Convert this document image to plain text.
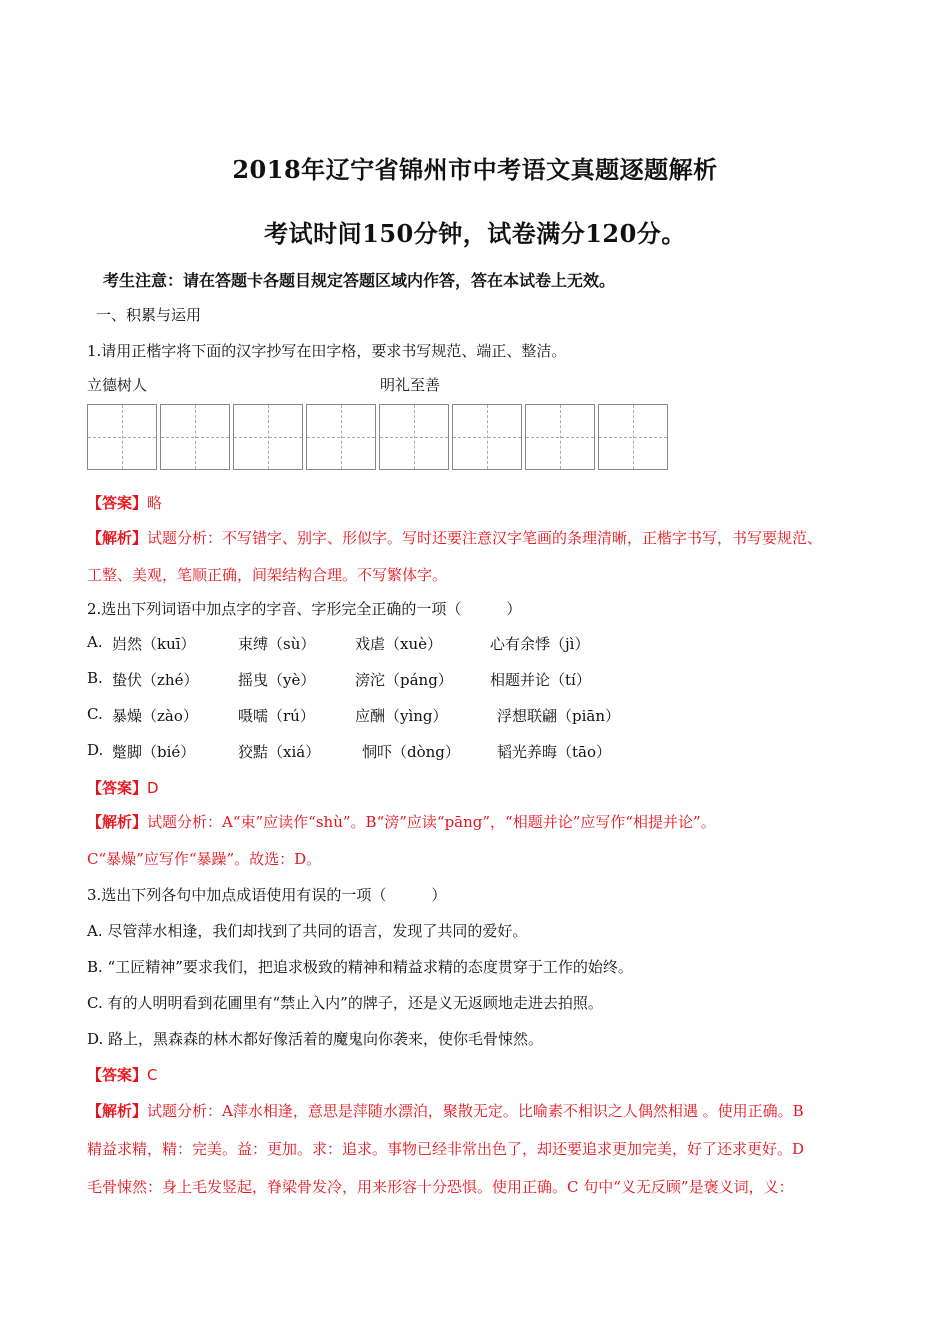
2018年辽宁省锦州市中考语文真题逐题解析
考试时间150分钟，试卷满分120分。
考生注意：请在答题卡各题目规定答题区域内作答，答在本试卷上无效。
一、积累与运用
1.请用正楷字将下面的汉字抄写在田字格，要求书写规范、端正、整洁。
立德树人	明礼至善
【答案】略
【解析】试题分析：不写错字、别字、形似字。写时还要注意汉字笔画的条理清晰，正楷字书写，书写要规范、
工整、美观，笔顺正确，间架结构合理。不写繁体字。
2.选出下列词语中加点字的字音、字形完全正确的一项（　　　）
A. 岿然（kuī）	束缚（sù）	戏虐（xuè）	心有余悸（jì）
B. 蛰伏（zhé）	摇曳（yè）	滂沱（páng） 相题并论（tí）
C. 暴燥（zào）	嗫嚅（rú）	应酬（yìng）	浮想联翩（piān）
D. 蹩脚（bié）	狡黠（xiá）	恫吓（dòng） 韬光养晦（tāo）
【答案】D
【解析】试题分析：A“束”应读作“shù”。B“滂”应读“pāng”，“相题并论”应写作“相提并论”。
C“暴燥”应写作“暴躁”。故选：D。
3.选出下列各句中加点成语使用有误的一项（　　　）
A. 尽管萍水相逢，我们却找到了共同的语言，发现了共同的爱好。
B. “工匠精神”要求我们，把追求极致的精神和精益求精的态度贯穿于工作的始终。
C. 有的人明明看到花圃里有“禁止入内”的牌子，还是义无返顾地走进去拍照。
D. 路上，黑森森的林木都好像活着的魔鬼向你袭来，使你毛骨悚然。
【答案】C
【解析】试题分析：A萍水相逢，意思是萍随水漂泊，聚散无定。比喻素不相识之人偶然相遇 。使用正确。B
精益求精，精：完美。益：更加。求：追求。事物已经非常出色了，却还要追求更加完美，好了还求更好。D
毛骨悚然：身上毛发竖起，脊梁骨发冷，用来形容十分恐惧。使用正确。C 句中“义无反顾”是褒义词，义：
